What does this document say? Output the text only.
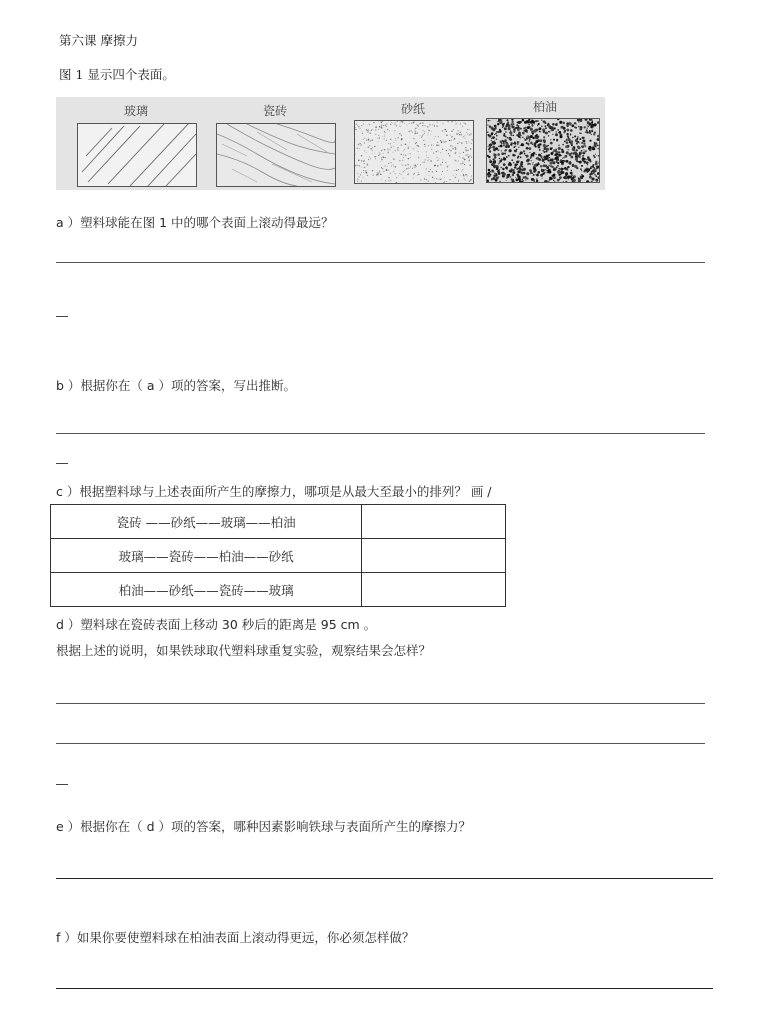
第六课 摩擦力
图 1 显示四个表面。
玻璃	瓷砖	砂纸	柏油
a ）塑料球能在图 1 中的哪个表面上滚动得最远？
b ）根据你在（ a ）项的答案，写出推断。
c ）根据塑料球与上述表面所产生的摩擦力，哪项是从最大至最小的排列？ 画 /
瓷砖 ——砂纸——玻璃——柏油	
玻璃——瓷砖——柏油——砂纸	
柏油——砂纸——瓷砖——玻璃	
d ）塑料球在瓷砖表面上移动 30 秒后的距离是 95 cm 。
根据上述的说明，如果铁球取代塑料球重复实验，观察结果会怎样？
e ）根据你在（ d ）项的答案，哪种因素影响铁球与表面所产生的摩擦力？
f ）如果你要使塑料球在柏油表面上滚动得更远，你必须怎样做？
